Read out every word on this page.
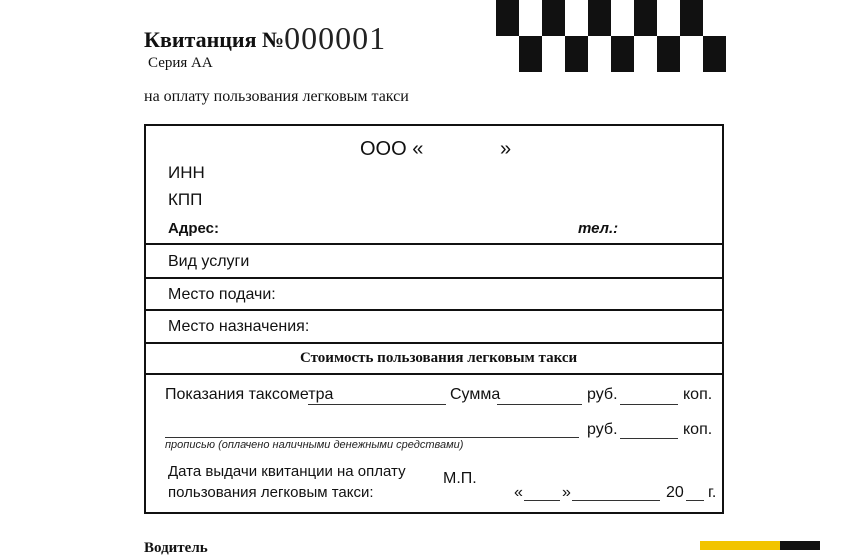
Квитанция №000001
Серия АА
на оплату пользования легковым такси
ООО «	»
ИНН
КПП
Адрес:	тел.:
Вид услуги
Место подачи:
Место назначения:
Стоимость пользования легковым такси
Показания таксометра	Сумма	руб.	коп.
прописью (оплачено наличными денежными средствами)
руб.	коп.
Дата выдачи квитанции на оплату
пользования легковым такси:
М.П.
« »	20 г.
Водитель
